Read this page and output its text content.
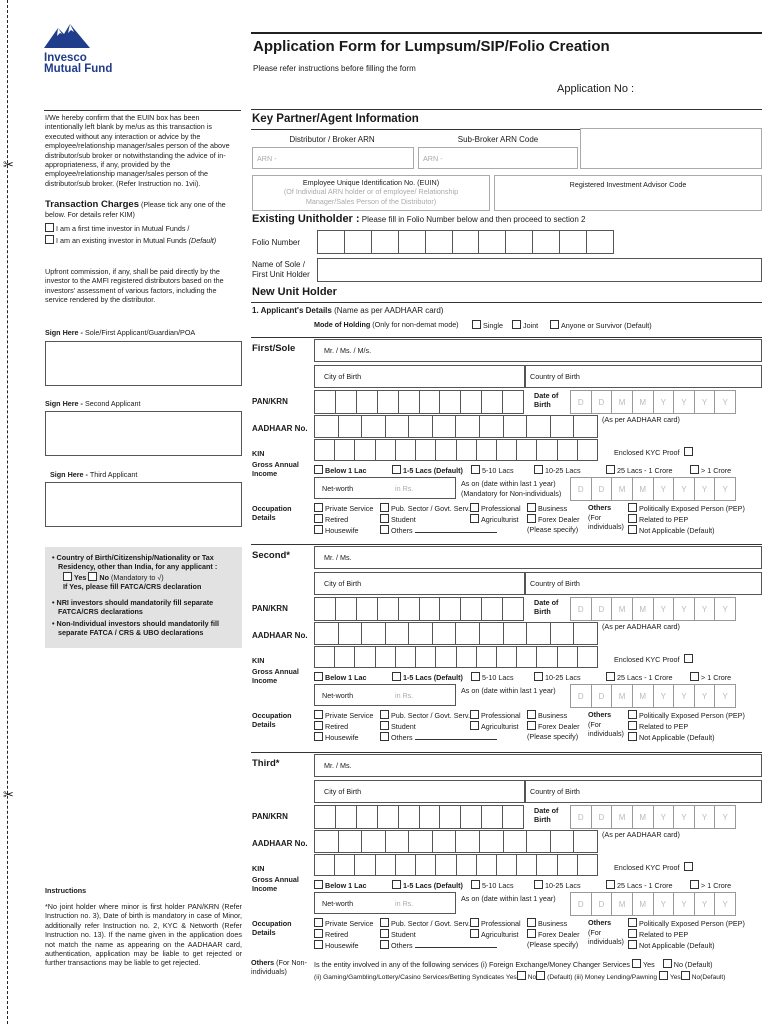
✂
✂
Invesco
Mutual Fund
Application Form for Lumpsum/SIP/Folio Creation
Please refer instructions before filling the form
Application No :
I/We hereby confirm that the EUIN box has been intentionally left blank by me/us as this transaction is executed without any interaction or advice by the employee/relationship manager/sales person of the above distributor/sub broker or notwithstanding the advice of in-appropriateness, if any, provided by the employee/relationship manager/sales person of the distributor/sub broker. (Refer Instruction no. 1vii).
Transaction Charges (Please tick any one of the below. For details refer KIM)
I am a first time investor in Mutual Funds /
I am an existing investor in Mutual Funds (Default)
Upfront commission, if any, shall be paid directly by the investor to the AMFI registered distributors based on the investors' assessment of various factors, including the service rendered by the distributor.
Sign Here - Sole/First Applicant/Guardian/POA
Sign Here - Second Applicant
Sign Here - Third Applicant
• Country of Birth/Citizenship/Nationality or Tax Residency, other than India, for any applicant :
Yes No (Mandatory to √)
If Yes, please fill FATCA/CRS declaration
• NRI investors should mandatorily fill separate FATCA/CRS declarations
• Non-Individual investors should mandatorily fill separate FATCA / CRS & UBO declarations
Instructions
*No joint holder where minor is first holder PAN/KRN (Refer Instruction no. 3), Date of birth is mandatory in case of Minor, additionally refer Instruction no. 2, KYC & Networth (Refer Instruction no. 13). If the name given in the application does not match the name as appearing on the AADHAAR card, authentication, application may be liable to get rejected or further transactions may be liable to get rejected.
Key Partner/Agent Information
Distributor / Broker ARN	Sub-Broker ARN Code
ARN -	ARN -
Employee Unique Identification No. (EUIN)
(Of Individual ARN holder or of employee/ Relationship Manager/Sales Person of the Distributor)
Registered Investment Advisor Code
Existing Unitholder : Please fill in Folio Number below and then proceed to section 2
Folio Number
Name of Sole / First Unit Holder
New Unit Holder
1. Applicant's Details (Name as per AADHAAR card)
Mode of Holding (Only for non-demat mode)	Single	Joint	Anyone or Survivor (Default)
First/Sole	Mr. / Ms. / M/s.
City of Birth	Country of Birth
PAN/KRN
Date of Birth	D	D	M	M	Y	Y	Y	Y
(As per AADHAAR card)
AADHAAR No.
Enclosed KYC Proof
KIN
Gross Annual Income	Below 1 Lac	1-5 Lacs (Default)	5-10 Lacs	10-25 Lacs	25 Lacs - 1 Crore	> 1 Crore
Net-worth	in Rs.
As on (date within last 1 year)
(Mandatory for Non-individuals)	D	D	M	M	Y	Y	Y	Y
Occupation Details
Private Service	Pub. Sector / Govt. Serv.	Professional	Business	Politically Exposed Person (PEP)
Retired	Student	Agriculturist	Forex Dealer	Related to PEP
Housewife	Others	(Please specify)	Not Applicable (Default)
Others
(For individuals)
Second*	Mr. / Ms.
City of Birth	Country of Birth
PAN/KRN
Date of Birth	D	D	M	M	Y	Y	Y	Y
(As per AADHAAR card)
AADHAAR No.
Enclosed KYC Proof
KIN
Gross Annual Income	Below 1 Lac	1-5 Lacs (Default)	5-10 Lacs	10-25 Lacs	25 Lacs - 1 Crore	> 1 Crore
Net-worth	in Rs.
As on (date within last 1 year)
D	D	M	M	Y	Y	Y	Y
Occupation Details
Private Service	Pub. Sector / Govt. Serv.	Professional	Business	Politically Exposed Person (PEP)
Retired	Student	Agriculturist	Forex Dealer	Related to PEP
Housewife	Others	(Please specify)	Not Applicable (Default)
Others
(For individuals)
Third*	Mr. / Ms.
City of Birth	Country of Birth
PAN/KRN
Date of Birth	D	D	M	M	Y	Y	Y	Y
(As per AADHAAR card)
AADHAAR No.
Enclosed KYC Proof
KIN
Gross Annual Income	Below 1 Lac	1-5 Lacs (Default)	5-10 Lacs	10-25 Lacs	25 Lacs - 1 Crore	> 1 Crore
Net-worth	in Rs.
As on (date within last 1 year)
D	D	M	M	Y	Y	Y	Y
Occupation Details
Private Service	Pub. Sector / Govt. Serv.	Professional	Business	Politically Exposed Person (PEP)
Retired	Student	Agriculturist	Forex Dealer	Related to PEP
Housewife	Others	(Please specify)	Not Applicable (Default)
Others
(For individuals)
Others (For Non-individuals)
Is the entity involved in any of the following services (i) Foreign Exchange/Money Changer Services Yes	No (Default)
(ii) Gaming/Gambling/Lottery/Casino Services/Betting Syndicates Yes No (Default) (iii) Money Lending/Pawning Yes No(Default)
